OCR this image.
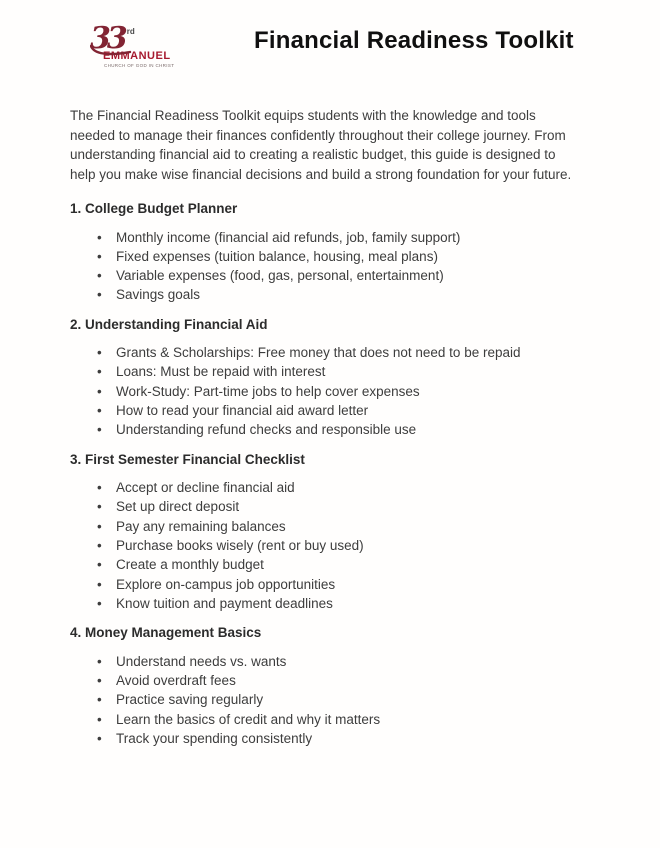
33 $^{rd}$
EMMANUEL
CHURCH OF GOD IN CHRIST
Financial Readiness Toolkit

The Financial Readiness Toolkit equips students with the knowledge and tools needed to manage their finances confidently throughout their college journey. From understanding financial aid to creating a realistic budget, this guide is designed to help you make wise financial decisions and build a strong foundation for your future.

1. College Budget Planner
• Monthly income (financial aid refunds, job, family support)
• Fixed expenses (tuition balance, housing, meal plans)
• Variable expenses (food, gas, personal, entertainment)
• Savings goals
2. Understanding Financial Aid
• Grants & Scholarships: Free money that does not need to be repaid
• Loans: Must be repaid with interest
• Work-Study: Part-time jobs to help cover expenses
• How to read your financial aid award letter
• Understanding refund checks and responsible use
3. First Semester Financial Checklist
• Accept or decline financial aid
• Set up direct deposit
• Pay any remaining balances
• Purchase books wisely (rent or buy used)
• Create a monthly budget
• Explore on-campus job opportunities
• Know tuition and payment deadlines
4. Money Management Basics
• Understand needs vs. wants
• Avoid overdraft fees
• Practice saving regularly
• Learn the basics of credit and why it matters
• Track your spending consistently
